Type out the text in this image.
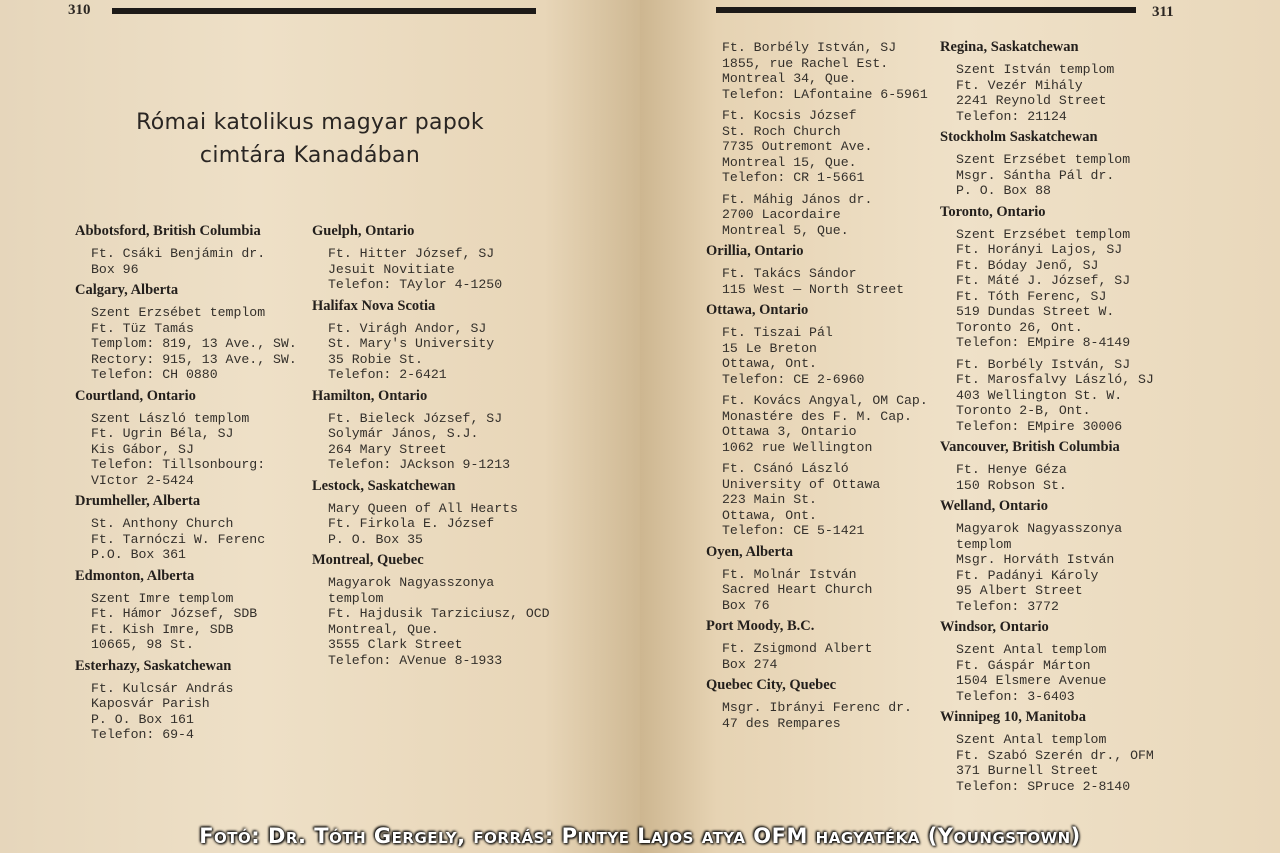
310
Római katolikus magyar papok
cimtára Kanadában
Abbotsford, British Columbia
Ft. Csáki Benjámin dr.
Box 96
Calgary, Alberta
Szent Erzsébet templom
Ft. Tüz Tamás
Templom: 819, 13 Ave., SW.
Rectory: 915, 13 Ave., SW.
Telefon: CH 0880
Courtland, Ontario
Szent László templom
Ft. Ugrin Béla, SJ
Kis Gábor, SJ
Telefon: Tillsonbourg:
VIctor 2-5424
Drumheller, Alberta
St. Anthony Church
Ft. Tarnóczi W. Ferenc
P.O. Box 361
Edmonton, Alberta
Szent Imre templom
Ft. Hámor József, SDB
Ft. Kish Imre, SDB
10665, 98 St.
Esterhazy, Saskatchewan
Ft. Kulcsár András
Kaposvár Parish
P. O. Box 161
Telefon: 69-4
Guelph, Ontario
Ft. Hitter József, SJ
Jesuit Novitiate
Telefon: TAylor 4-1250
Halifax Nova Scotia
Ft. Virágh Andor, SJ
St. Mary's University
35 Robie St.
Telefon: 2-6421
Hamilton, Ontario
Ft. Bieleck József, SJ
Solymár János, S.J.
264 Mary Street
Telefon: JAckson 9-1213
Lestock, Saskatchewan
Mary Queen of All Hearts
Ft. Firkola E. József
P. O. Box 35
Montreal, Quebec
Magyarok Nagyasszonya
templom
Ft. Hajdusik Tarziciusz, OCD
Montreal, Que.
3555 Clark Street
Telefon: AVenue 8-1933
311
Ft. Borbély István, SJ
1855, rue Rachel Est.
Montreal 34, Que.
Telefon: LAfontaine 6-5961
Ft. Kocsis József
St. Roch Church
7735 Outremont Ave.
Montreal 15, Que.
Telefon: CR 1-5661
Ft. Máhig János dr.
2700 Lacordaire
Montreal 5, Que.
Orillia, Ontario
Ft. Takács Sándor
115 West — North Street
Ottawa, Ontario
Ft. Tiszai Pál
15 Le Breton
Ottawa, Ont.
Telefon: CE 2-6960
Ft. Kovács Angyal, OM Cap.
Monastére des F. M. Cap.
Ottawa 3, Ontario
1062 rue Wellington
Ft. Csánó László
University of Ottawa
223 Main St.
Ottawa, Ont.
Telefon: CE 5-1421
Oyen, Alberta
Ft. Molnár István
Sacred Heart Church
Box 76
Port Moody, B.C.
Ft. Zsigmond Albert
Box 274
Quebec City, Quebec
Msgr. Ibrányi Ferenc dr.
47 des Rempares
Regina, Saskatchewan
Szent István templom
Ft. Vezér Mihály
2241 Reynold Street
Telefon: 21124
Stockholm Saskatchewan
Szent Erzsébet templom
Msgr. Sántha Pál dr.
P. O. Box 88
Toronto, Ontario
Szent Erzsébet templom
Ft. Horányi Lajos, SJ
Ft. Bóday Jenő, SJ
Ft. Máté J. József, SJ
Ft. Tóth Ferenc, SJ
519 Dundas Street W.
Toronto 26, Ont.
Telefon: EMpire 8-4149
Ft. Borbély István, SJ
Ft. Marosfalvy László, SJ
403 Wellington St. W.
Toronto 2-B, Ont.
Telefon: EMpire 30006
Vancouver, British Columbia
Ft. Henye Géza
150 Robson St.
Welland, Ontario
Magyarok Nagyasszonya
templom
Msgr. Horváth István
Ft. Padányi Károly
95 Albert Street
Telefon: 3772
Windsor, Ontario
Szent Antal templom
Ft. Gáspár Márton
1504 Elsmere Avenue
Telefon: 3-6403
Winnipeg 10, Manitoba
Szent Antal templom
Ft. Szabó Szerén dr., OFM
371 Burnell Street
Telefon: SPruce 2-8140
Fotó: Dr. Tóth Gergely, forrás: Pintye Lajos atya OFM hagyatéka (Youngstown)
